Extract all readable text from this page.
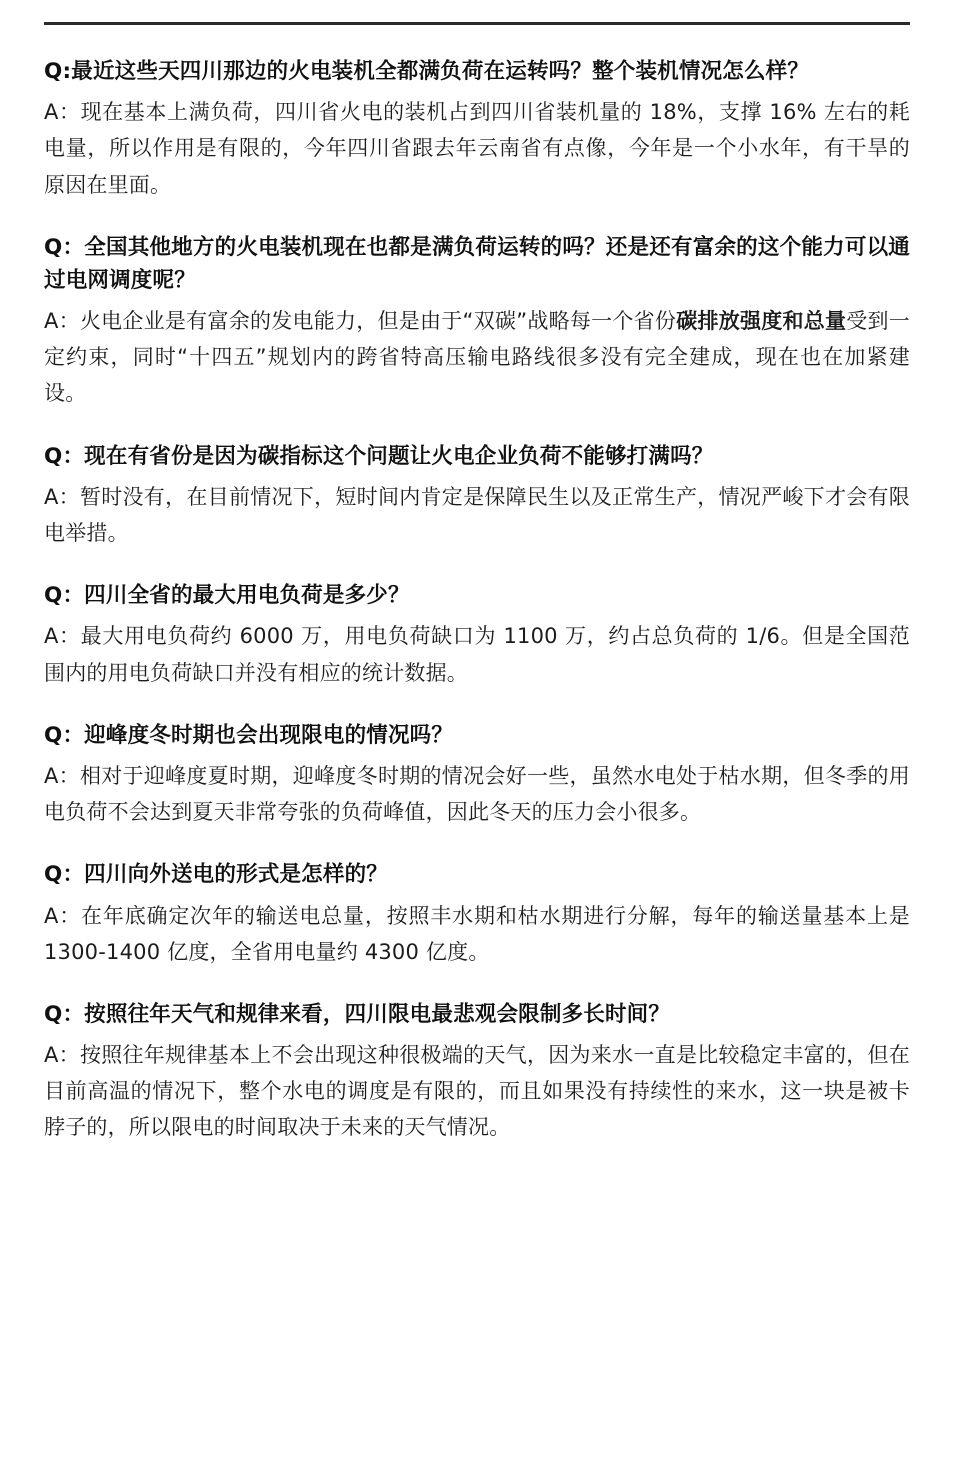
Q:最近这些天四川那边的火电装机全都满负荷在运转吗？整个装机情况怎么样？
A：现在基本上满负荷，四川省火电的装机占到四川省装机量的 18%，支撑 16% 左右的耗电量，所以作用是有限的，今年四川省跟去年云南省有点像，今年是一个小水年，有干旱的原因在里面。
Q：全国其他地方的火电装机现在也都是满负荷运转的吗？还是还有富余的这个能力可以通过电网调度呢？
A：火电企业是有富余的发电能力，但是由于“双碳”战略每一个省份碳排放强度和总量受到一定约束，同时“十四五”规划内的跨省特高压输电路线很多没有完全建成，现在也在加紧建设。
Q：现在有省份是因为碳指标这个问题让火电企业负荷不能够打满吗？
A：暂时没有，在目前情况下，短时间内肯定是保障民生以及正常生产，情况严峻下才会有限电举措。
Q：四川全省的最大用电负荷是多少？
A：最大用电负荷约 6000 万，用电负荷缺口为 1100 万，约占总负荷的 1/6。但是全国范围内的用电负荷缺口并没有相应的统计数据。
Q：迎峰度冬时期也会出现限电的情况吗？
A：相对于迎峰度夏时期，迎峰度冬时期的情况会好一些，虽然水电处于枯水期，但冬季的用电负荷不会达到夏天非常夸张的负荷峰值，因此冬天的压力会小很多。
Q：四川向外送电的形式是怎样的？
A：在年底确定次年的输送电总量，按照丰水期和枯水期进行分解，每年的输送量基本上是 1300-1400 亿度，全省用电量约 4300 亿度。
Q：按照往年天气和规律来看，四川限电最悲观会限制多长时间？
A：按照往年规律基本上不会出现这种很极端的天气，因为来水一直是比较稳定丰富的，但在目前高温的情况下，整个水电的调度是有限的，而且如果没有持续性的来水，这一块是被卡脖子的，所以限电的时间取决于未来的天气情况。
